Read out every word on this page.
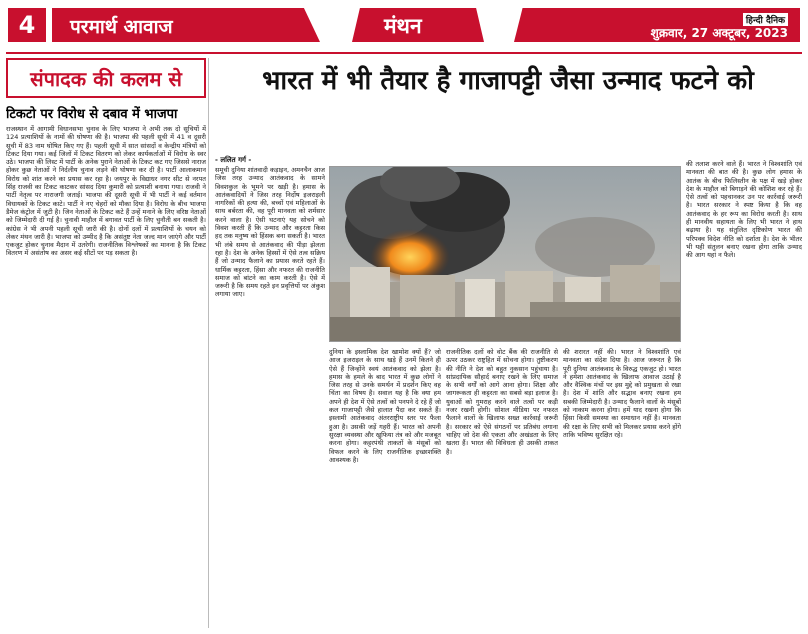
4	परमार्थ आवाज	मंथन	हिन्दी दैनिक
शुक्रवार, 27 अक्टूबर, 2023
संपादक की कलम से
टिकटो पर विरोध से दबाव में भाजपा
राजस्थान में आगामी विधानसभा चुनाव के लिए भाजपा ने अभी तक दो सूचियों में 124 प्रत्याशियों के नामों की घोषणा की है। भाजपा की पहली सूची में 41 व दूसरी सूची में 83 नाम घोषित किए गए हैं। पहली सूची में सात सांसदों व केन्द्रीय मंत्रियों को टिकट दिया गया। कई जिलों में टिकट वितरण को लेकर कार्यकर्ताओं में विरोध के स्वर उठे। भाजपा की लिस्ट में पार्टी के अनेक पुराने नेताओं के टिकट कट गए जिससे नाराज होकर कुछ नेताओं ने निर्दलीय चुनाव लड़ने की घोषणा कर दी है। पार्टी आलाकमान विरोध को शांत करने का प्रयास कर रहा है। जयपुर के विद्याधर नगर सीट से नरपत सिंह राजवी का टिकट काटकर सांसद दिया कुमारी को प्रत्याशी बनाया गया। राजवी ने पार्टी नेतृत्व पर नाराजगी जताई। भाजपा की दूसरी सूची में भी पार्टी ने कई वर्तमान विधायकों के टिकट काटे। पार्टी ने नए चेहरों को मौका दिया है। विरोध के बीच भाजपा डैमेज कंट्रोल में जुटी है। जिन नेताओं के टिकट कटे हैं उन्हें मनाने के लिए वरिष्ठ नेताओं को जिम्मेदारी दी गई है। चुनावी माहौल में बगावत पार्टी के लिए चुनौती बन सकती है। कांग्रेस ने भी अपनी पहली सूची जारी की है। दोनों दलों में प्रत्याशियों के चयन को लेकर मंथन जारी है। भाजपा को उम्मीद है कि असंतुष्ट नेता जल्द मान जाएंगे और पार्टी एकजुट होकर चुनाव मैदान में उतरेगी। राजनीतिक विश्लेषकों का मानना है कि टिकट वितरण में असंतोष का असर कई सीटों पर पड़ सकता है।
भारत में भी तैयार है गाजापट्टी जैसा उन्माद फटने को
- ललित गर्ग -
समूची दुनिया शांतवादी कड़ाइन, अमनचैन आज जिस तरह उन्माद आतंकवाद के सामने विवशकुल के भूमने पर खड़ी है। हमास के आतंकवादियों ने जिस तरह निर्दोष इजराइली नागरिकों की हत्या की, बच्चों एवं महिलाओं के साथ बर्बरता की, वह पूरी मानवता को शर्मसार करने वाला है। ऐसी घटनाएं यह सोचने को विवश करती हैं कि उन्माद और कट्टरता किस हद तक मनुष्य को हिंसक बना सकती है। भारत भी लंबे समय से आतंकवाद की पीड़ा झेलता रहा है। देश के अनेक हिस्सों में ऐसे तत्व सक्रिय हैं जो उन्माद फैलाने का प्रयास करते रहते हैं। धार्मिक कट्टरता, हिंसा और नफरत की राजनीति समाज को बांटने का काम करती है। ऐसे में जरूरी है कि समय रहते इन प्रवृत्तियों पर अंकुश लगाया जाए।
दुनिया के इस्लामिक देश खामोश क्यों हैं? जो आज इजराइल के साथ खड़े हैं उनमें कितने ही ऐसे हैं जिन्होंने स्वयं आतंकवाद को झेला है। हमास के हमले के बाद भारत में कुछ लोगों ने जिस तरह से उनके समर्थन में प्रदर्शन किए वह चिंता का विषय है। सवाल यह है कि क्या हम अपने ही देश में ऐसे तत्वों को पनपने दे रहे हैं जो कल गाजापट्टी जैसे हालात पैदा कर सकते हैं। इस्लामी आतंकवाद अंतरराष्ट्रीय स्तर पर फैला हुआ है। उसकी जड़ें गहरी हैं। भारत को अपनी सुरक्षा व्यवस्था और खुफिया तंत्र को और मजबूत करना होगा। कट्टरपंथी ताकतों के मंसूबों को विफल करने के लिए राजनीतिक इच्छाशक्ति आवश्यक है।
राजनीतिक दलों को वोट बैंक की राजनीति से ऊपर उठकर राष्ट्रहित में सोचना होगा। तुष्टीकरण की नीति ने देश को बहुत नुकसान पहुंचाया है। सांप्रदायिक सौहार्द बनाए रखने के लिए समाज के सभी वर्गों को आगे आना होगा। शिक्षा और जागरूकता ही कट्टरता का सबसे बड़ा इलाज है। युवाओं को गुमराह करने वाले तत्वों पर कड़ी नजर रखनी होगी। सोशल मीडिया पर नफरत फैलाने वालों के खिलाफ सख्त कार्रवाई जरूरी है। सरकार को ऐसे संगठनों पर प्रतिबंध लगाना चाहिए जो देश की एकता और अखंडता के लिए खतरा हैं। भारत की विविधता ही उसकी ताकत है।
की शरारत नहीं की। भारत ने विश्वशांति एवं मानवता का संदेश दिया है। आज जरूरत है कि पूरी दुनिया आतंकवाद के विरुद्ध एकजुट हो। भारत ने हमेशा आतंकवाद के खिलाफ आवाज उठाई है और वैश्विक मंचों पर इस मुद्दे को प्रमुखता से रखा है। देश में शांति और सद्भाव बनाए रखना हम सबकी जिम्मेदारी है। उन्माद फैलाने वालों के मंसूबों को नाकाम करना होगा। हमें याद रखना होगा कि हिंसा किसी समस्या का समाधान नहीं है। मानवता की रक्षा के लिए सभी को मिलकर प्रयास करने होंगे ताकि भविष्य सुरक्षित रहे।
की तलाश करने वाले हैं। भारत ने विश्वशांति एवं मानवता की बात की है। कुछ लोग हमास के आतंक के बीच फिलिस्तीन के पक्ष में खड़े होकर देश के माहौल को बिगाड़ने की कोशिश कर रहे हैं। ऐसे तत्वों को पहचानकर उन पर कार्रवाई जरूरी है। भारत सरकार ने स्पष्ट किया है कि वह आतंकवाद के हर रूप का विरोध करती है। साथ ही मानवीय सहायता के लिए भी भारत ने हाथ बढ़ाया है। यह संतुलित दृष्टिकोण भारत की परिपक्व विदेश नीति को दर्शाता है। देश के भीतर भी यही संतुलन बनाए रखना होगा ताकि उन्माद की आग यहां न फैले।
